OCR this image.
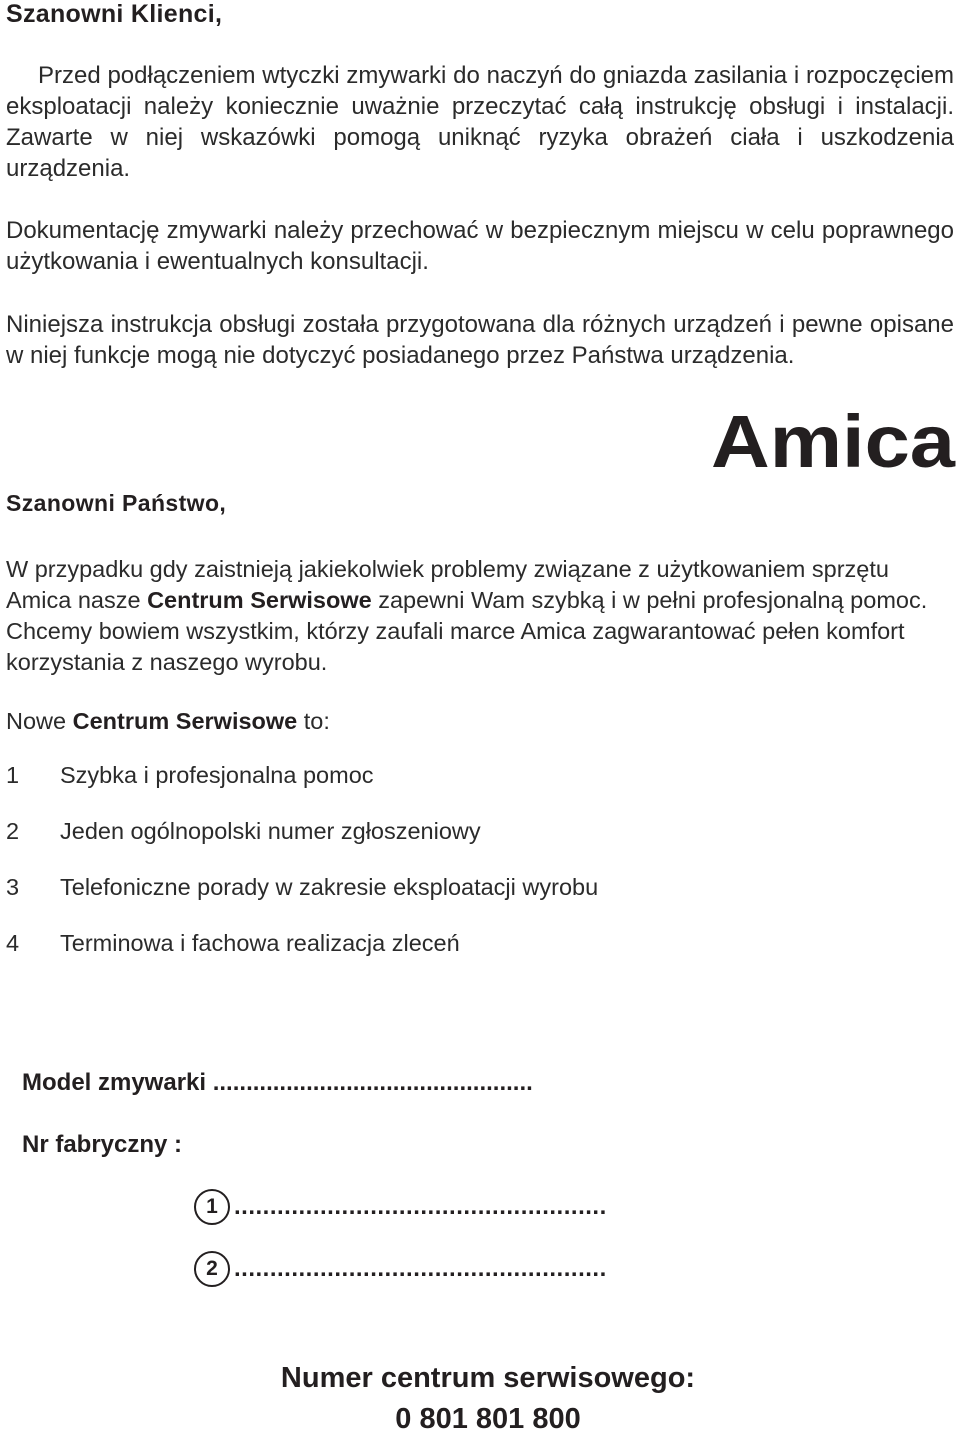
Szanowni Klienci,
Przed podłączeniem wtyczki zmywarki do naczyń do gniazda zasilania i rozpoczęciem eksploatacji należy koniecznie uważnie przeczytać całą instrukcję obsługi i instalacji. Zawarte w niej wskazówki pomogą uniknąć ryzyka obrażeń ciała i uszkodzenia urządzenia.
Dokumentację zmywarki należy przechować w bezpiecznym miejscu w celu poprawnego użytkowania i ewentualnych konsultacji.
Niniejsza instrukcja obsługi została przygotowana dla różnych urządzeń i pewne opisane w niej funkcje mogą nie dotyczyć posiadanego przez Państwa urządzenia.
Amica
Szanowni Państwo,
W przypadku gdy zaistnieją jakiekolwiek problemy związane z użytkowaniem sprzętu Amica nasze Centrum Serwisowe zapewni Wam szybką i w pełni profesjonalną pomoc. Chcemy bowiem wszystkim, którzy zaufali marce Amica zagwarantować pełen komfort korzystania z naszego wyrobu.
Nowe Centrum Serwisowe to:
1 Szybka i profesjonalna pomoc
2 Jeden ogólnopolski numer zgłoszeniowy
3 Telefoniczne porady w zakresie eksploatacji wyrobu
4 Terminowa i fachowa realizacja zleceń
Model zmywarki ................................................
Nr fabryczny :
1 ....................................................
2 ....................................................
Numer centrum serwisowego:
0 801 801 800
